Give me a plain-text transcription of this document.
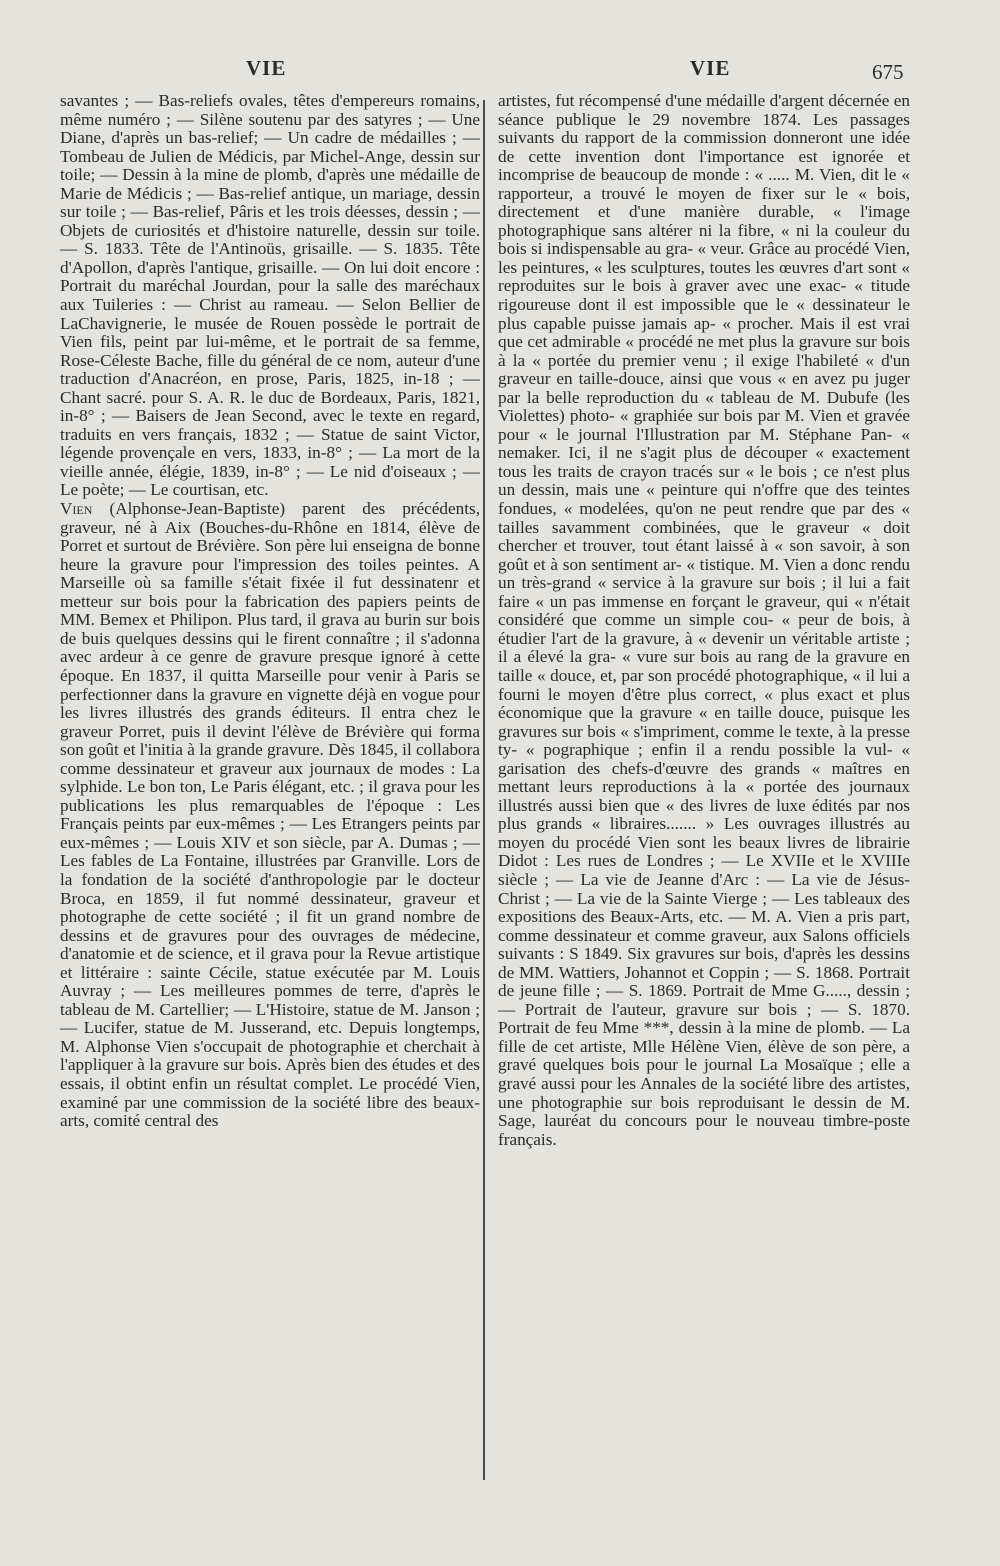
VIE	VIE	675

savantes ; — Bas-reliefs ovales, têtes d'empereurs romains, même numéro ; — Silène soutenu par des satyres ; — Une Diane, d'après un bas-relief; — Un cadre de médailles ; — Tombeau de Julien de Médicis, par Michel-Ange, dessin sur toile; — Dessin à la mine de plomb, d'après une médaille de Marie de Médicis ; — Bas-relief antique, un mariage, dessin sur toile ; — Bas-relief, Pâris et les trois déesses, dessin ; — Objets de curiosités et d'histoire naturelle, dessin sur toile. — S. 1833. Tête de l'Antinoüs, grisaille. — S. 1835. Tête d'Apollon, d'après l'antique, grisaille. — On lui doit encore : Portrait du maréchal Jourdan, pour la salle des maréchaux aux Tuileries : — Christ au rameau. — Selon Bellier de LaChavignerie, le musée de Rouen possède le portrait de Vien fils, peint par lui-même, et le portrait de sa femme, Rose-Céleste Bache, fille du général de ce nom, auteur d'une traduction d'Anacréon, en prose, Paris, 1825, in-18 ; — Chant sacré. pour S. A. R. le duc de Bordeaux, Paris, 1821, in-8° ; — Baisers de Jean Second, avec le texte en regard, traduits en vers français, 1832 ; — Statue de saint Victor, légende provençale en vers, 1833, in-8° ; — La mort de la vieille année, élégie, 1839, in-8° ; — Le nid d'oiseaux ; — Le poète; — Le courtisan, etc.

Vien (Alphonse-Jean-Baptiste) parent des précédents, graveur, né à Aix (Bouches-du-Rhône en 1814, élève de Porret et surtout de Brévière. Son père lui enseigna de bonne heure la gravure pour l'impression des toiles peintes. A Marseille où sa famille s'était fixée il fut dessinatenr et metteur sur bois pour la fabrication des papiers peints de MM. Bemex et Philipon. Plus tard, il grava au burin sur bois de buis quelques dessins qui le firent connaître ; il s'adonna avec ardeur à ce genre de gravure presque ignoré à cette époque. En 1837, il quitta Marseille pour venir à Paris se perfectionner dans la gravure en vignette déjà en vogue pour les livres illustrés des grands éditeurs. Il entra chez le graveur Porret, puis il devint l'élève de Brévière qui forma son goût et l'initia à la grande gravure. Dès 1845, il collabora comme dessinateur et graveur aux journaux de modes : La sylphide. Le bon ton, Le Paris élégant, etc. ; il grava pour les publications les plus remarquables de l'époque : Les Français peints par eux-mêmes ; — Les Etrangers peints par eux-mêmes ; — Louis XIV et son siècle, par A. Dumas ; — Les fables de La Fontaine, illustrées par Granville. Lors de la fondation de la société d'anthropologie par le docteur Broca, en 1859, il fut nommé dessinateur, graveur et photographe de cette société ; il fit un grand nombre de dessins et de gravures pour des ouvrages de médecine, d'anatomie et de science, et il grava pour la Revue artistique et littéraire : sainte Cécile, statue exécutée par M. Louis Auvray ; — Les meilleures pommes de terre, d'après le tableau de M. Cartellier; — L'Histoire, statue de M. Janson ; — Lucifer, statue de M. Jusserand, etc. Depuis longtemps, M. Alphonse Vien s'occupait de photographie et cherchait à l'appliquer à la gravure sur bois. Après bien des études et des essais, il obtint enfin un résultat complet. Le procédé Vien, examiné par une commission de la société libre des beaux-arts, comité central des

artistes, fut récompensé d'une médaille d'argent décernée en séance publique le 29 novembre 1874. Les passages suivants du rapport de la commission donneront une idée de cette invention dont l'importance est ignorée et incomprise de beaucoup de monde : « ..... M. Vien, dit le « rapporteur, a trouvé le moyen de fixer sur le « bois, directement et d'une manière durable, « l'image photographique sans altérer ni la fibre, « ni la couleur du bois si indispensable au gra- « veur. Grâce au procédé Vien, les peintures, « les sculptures, toutes les œuvres d'art sont « reproduites sur le bois à graver avec une exac- « titude rigoureuse dont il est impossible que le « dessinateur le plus capable puisse jamais ap- « procher. Mais il est vrai que cet admirable « procédé ne met plus la gravure sur bois à la « portée du premier venu ; il exige l'habileté « d'un graveur en taille-douce, ainsi que vous « en avez pu juger par la belle reproduction du « tableau de M. Dubufe (les Violettes) photo- « graphiée sur bois par M. Vien et gravée pour « le journal l'Illustration par M. Stéphane Pan- « nemaker. Ici, il ne s'agit plus de découper « exactement tous les traits de crayon tracés sur « le bois ; ce n'est plus un dessin, mais une « peinture qui n'offre que des teintes fondues, « modelées, qu'on ne peut rendre que par des « tailles savamment combinées, que le graveur « doit chercher et trouver, tout étant laissé à « son savoir, à son goût et à son sentiment ar- « tistique. M. Vien a donc rendu un très-grand « service à la gravure sur bois ; il lui a fait faire « un pas immense en forçant le graveur, qui « n'était considéré que comme un simple cou- « peur de bois, à étudier l'art de la gravure, à « devenir un véritable artiste ; il a élevé la gra- « vure sur bois au rang de la gravure en taille « douce, et, par son procédé photographique, « il lui a fourni le moyen d'être plus correct, « plus exact et plus économique que la gravure « en taille douce, puisque les gravures sur bois « s'impriment, comme le texte, à la presse ty- « pographique ; enfin il a rendu possible la vul- « garisation des chefs-d'œuvre des grands « maîtres en mettant leurs reproductions à la « portée des journaux illustrés aussi bien que « des livres de luxe édités par nos plus grands « libraires....... » Les ouvrages illustrés au moyen du procédé Vien sont les beaux livres de librairie Didot : Les rues de Londres ; — Le XVIIe et le XVIIIe siècle ; — La vie de Jeanne d'Arc : — La vie de Jésus-Christ ; — La vie de la Sainte Vierge ; — Les tableaux des expositions des Beaux-Arts, etc. — M. A. Vien a pris part, comme dessinateur et comme graveur, aux Salons officiels suivants : S 1849. Six gravures sur bois, d'après les dessins de MM. Wattiers, Johannot et Coppin ; — S. 1868. Portrait de jeune fille ; — S. 1869. Portrait de Mme G....., dessin ; — Portrait de l'auteur, gravure sur bois ; — S. 1870. Portrait de feu Mme ***, dessin à la mine de plomb. — La fille de cet artiste, Mlle Hélène Vien, élève de son père, a gravé quelques bois pour le journal La Mosaïque ; elle a gravé aussi pour les Annales de la société libre des artistes, une photographie sur bois reproduisant le dessin de M. Sage, lauréat du concours pour le nouveau timbre-poste français.
